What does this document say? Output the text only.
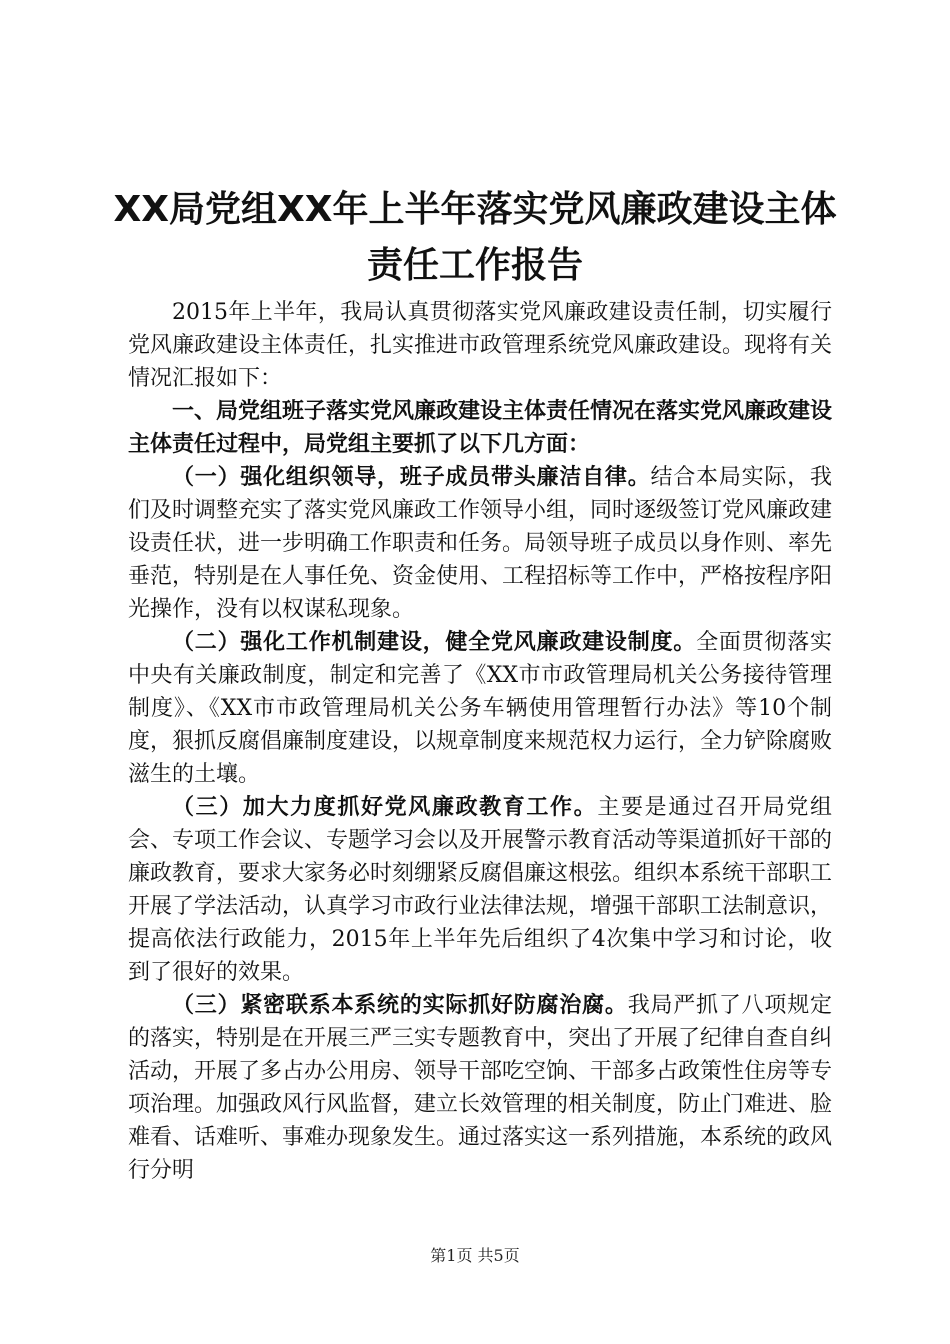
XX局党组XX年上半年落实党风廉政建设主体
责任工作报告

2015年上半年，我局认真贯彻落实党风廉政建设责任制，切实履行党风廉政建设主体责任，扎实推进市政管理系统党风廉政建设。现将有关情况汇报如下：

一、局党组班子落实党风廉政建设主体责任情况在落实党风廉政建设主体责任过程中，局党组主要抓了以下几方面：

（一）强化组织领导，班子成员带头廉洁自律。结合本局实际，我们及时调整充实了落实党风廉政工作领导小组，同时逐级签订党风廉政建设责任状，进一步明确工作职责和任务。局领导班子成员以身作则、率先垂范，特别是在人事任免、资金使用、工程招标等工作中，严格按程序阳光操作，没有以权谋私现象。

（二）强化工作机制建设，健全党风廉政建设制度。全面贯彻落实中央有关廉政制度，制定和完善了《XX市市政管理局机关公务接待管理制度》、《XX市市政管理局机关公务车辆使用管理暂行办法》等10个制度，狠抓反腐倡廉制度建设，以规章制度来规范权力运行，全力铲除腐败滋生的土壤。

（三）加大力度抓好党风廉政教育工作。主要是通过召开局党组会、专项工作会议、专题学习会以及开展警示教育活动等渠道抓好干部的廉政教育，要求大家务必时刻绷紧反腐倡廉这根弦。组织本系统干部职工开展了学法活动，认真学习市政行业法律法规，增强干部职工法制意识，提高依法行政能力，2015年上半年先后组织了4次集中学习和讨论，收到了很好的效果。

（三）紧密联系本系统的实际抓好防腐治腐。我局严抓了八项规定的落实，特别是在开展三严三实专题教育中，突出了开展了纪律自查自纠活动，开展了多占办公用房、领导干部吃空饷、干部多占政策性住房等专项治理。加强政风行风监督，建立长效管理的相关制度，防止门难进、脸难看、话难听、事难办现象发生。通过落实这一系列措施，本系统的政风行分明

第1页 共5页
